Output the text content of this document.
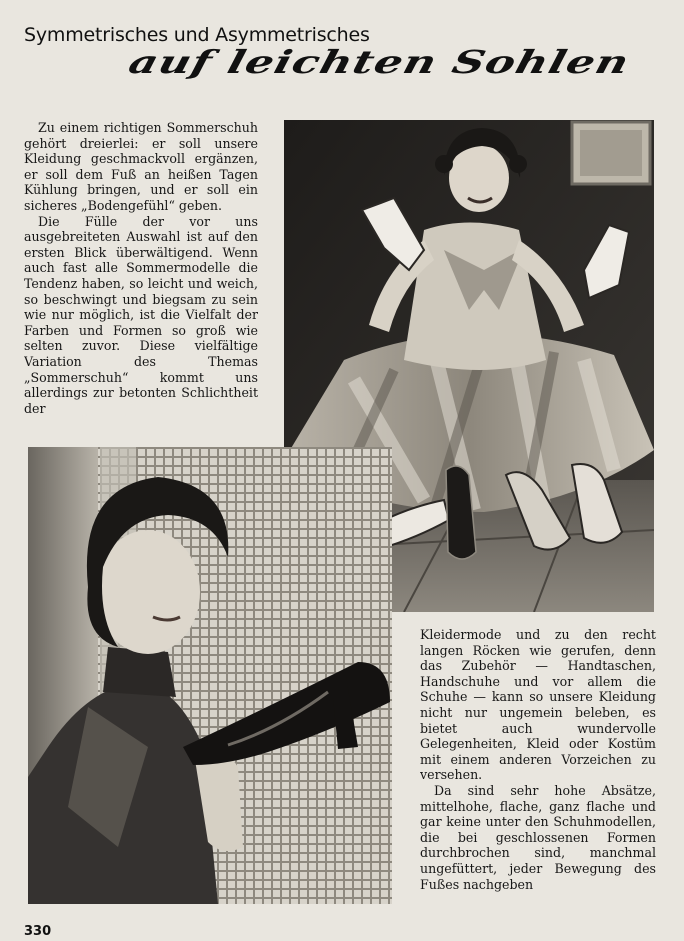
Symmetrisches und Asymmetrisches
auf leichten Sohlen

Zu einem richtigen Sommerschuh gehört dreierlei: er soll unsere Kleidung geschmackvoll ergänzen, er soll dem Fuß an heißen Tagen Kühlung bringen, und er soll ein sicheres „Bodengefühl“ geben.

Die Fülle der vor uns ausgebreiteten Auswahl ist auf den ersten Blick überwältigend. Wenn auch fast alle Sommermodelle die Tendenz haben, so leicht und weich, so beschwingt und biegsam zu sein wie nur möglich, ist die Vielfalt der Farben und Formen so groß wie selten zuvor. Diese vielfältige Variation des Themas „Sommerschuh“ kommt uns allerdings zur betonten Schlichtheit der

Kleidermode und zu den recht langen Röcken wie gerufen, denn das Zubehör — Handtaschen, Handschuhe und vor allem die Schuhe — kann so unsere Kleidung nicht nur ungemein beleben, es bietet auch wundervolle Gelegenheiten, Kleid oder Kostüm mit einem anderen Vorzeichen zu versehen.

Da sind sehr hohe Absätze, mittelhohe, flache, ganz flache und gar keine unter den Schuhmodellen, die bei geschlossenen Formen durchbrochen sind, manchmal ungefüttert, jeder Bewegung des Fußes nachgeben

330
